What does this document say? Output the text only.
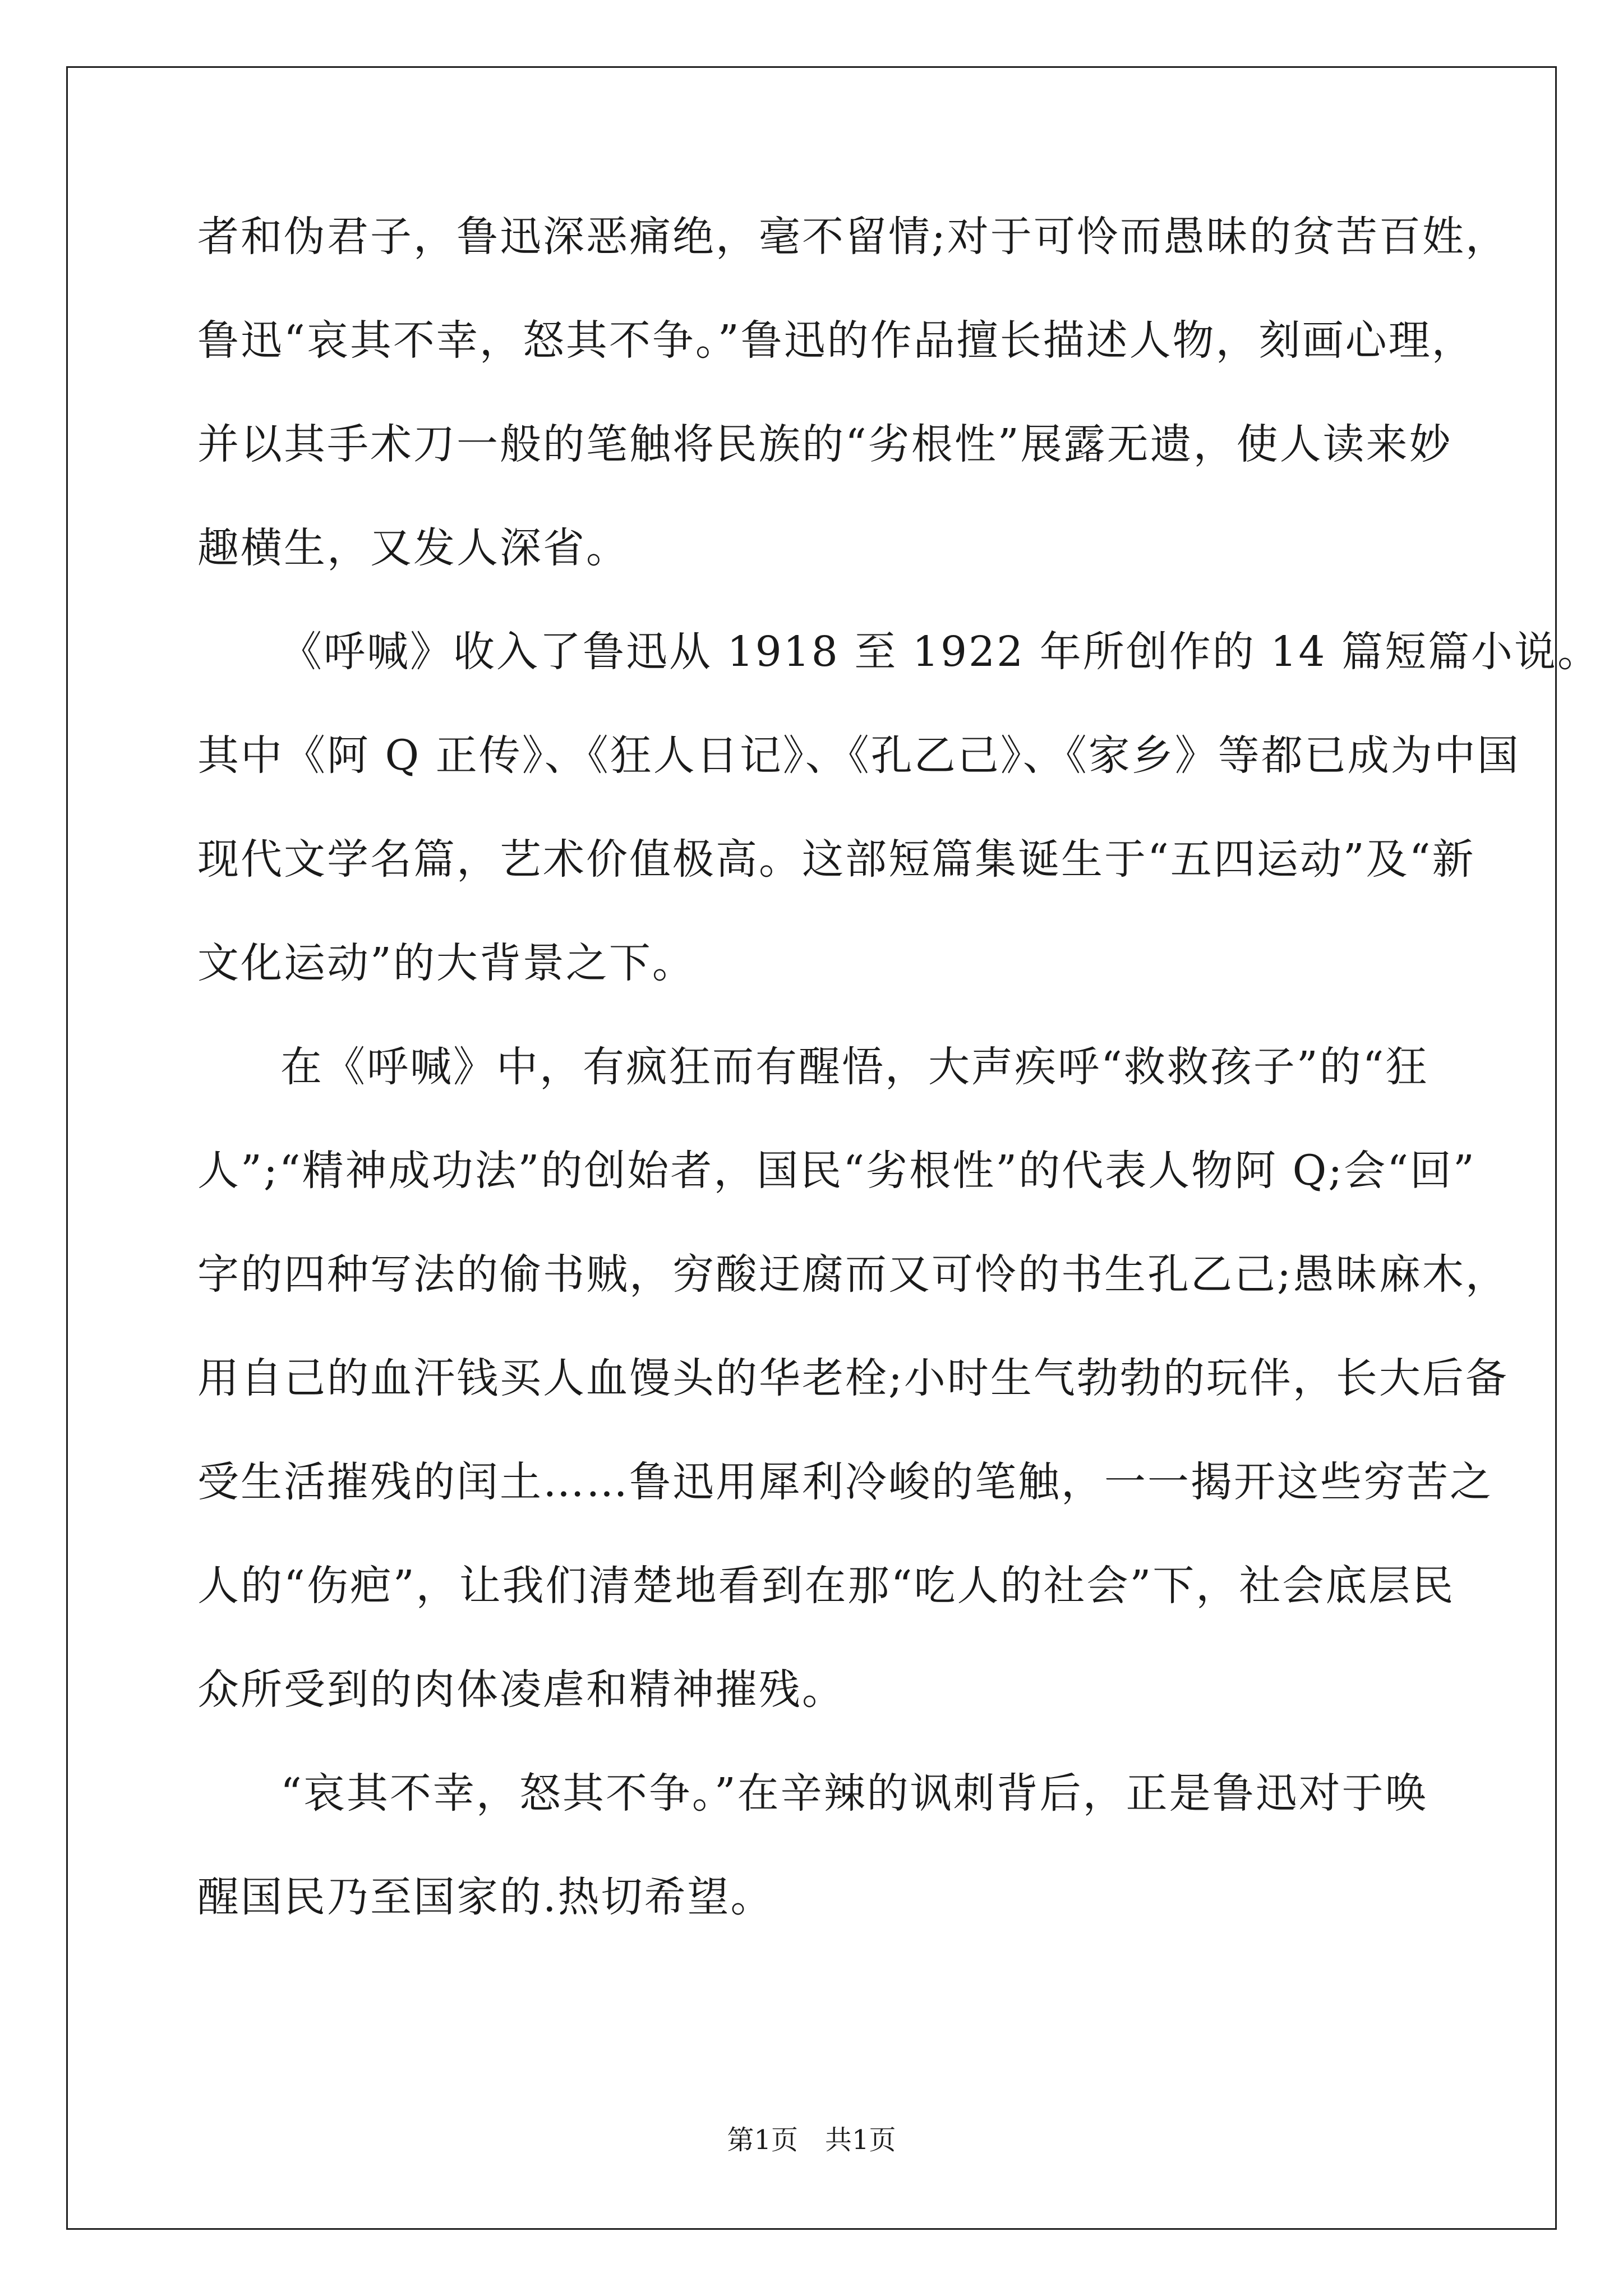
者和伪君子，鲁迅深恶痛绝，毫不留情;对于可怜而愚昧的贫苦百姓，
鲁迅“哀其不幸，怒其不争。”鲁迅的作品擅长描述人物，刻画心理，
并以其手术刀一般的笔触将民族的“劣根性”展露无遗，使人读来妙
趣横生，又发人深省。
《呼喊》收入了鲁迅从 1918 至 1922 年所创作的 14 篇短篇小说。
其中《阿 Q 正传》、《狂人日记》、《孔乙己》、《家乡》等都已成为中国
现代文学名篇，艺术价值极高。这部短篇集诞生于“五四运动”及“新
文化运动”的大背景之下。
在《呼喊》中，有疯狂而有醒悟，大声疾呼“救救孩子”的“狂
人”;“精神成功法”的创始者，国民“劣根性”的代表人物阿 Q;会“回”
字的四种写法的偷书贼，穷酸迂腐而又可怜的书生孔乙己;愚昧麻木，
用自己的血汗钱买人血馒头的华老栓;小时生气勃勃的玩伴，长大后备
受生活摧残的闰土……鲁迅用犀利冷峻的笔触，一一揭开这些穷苦之
人的“伤疤”，让我们清楚地看到在那“吃人的社会”下，社会底层民
众所受到的肉体凌虐和精神摧残。
“哀其不幸，怒其不争。”在辛辣的讽刺背后，正是鲁迅对于唤
醒国民乃至国家的.热切希望。
第1页　共1页
